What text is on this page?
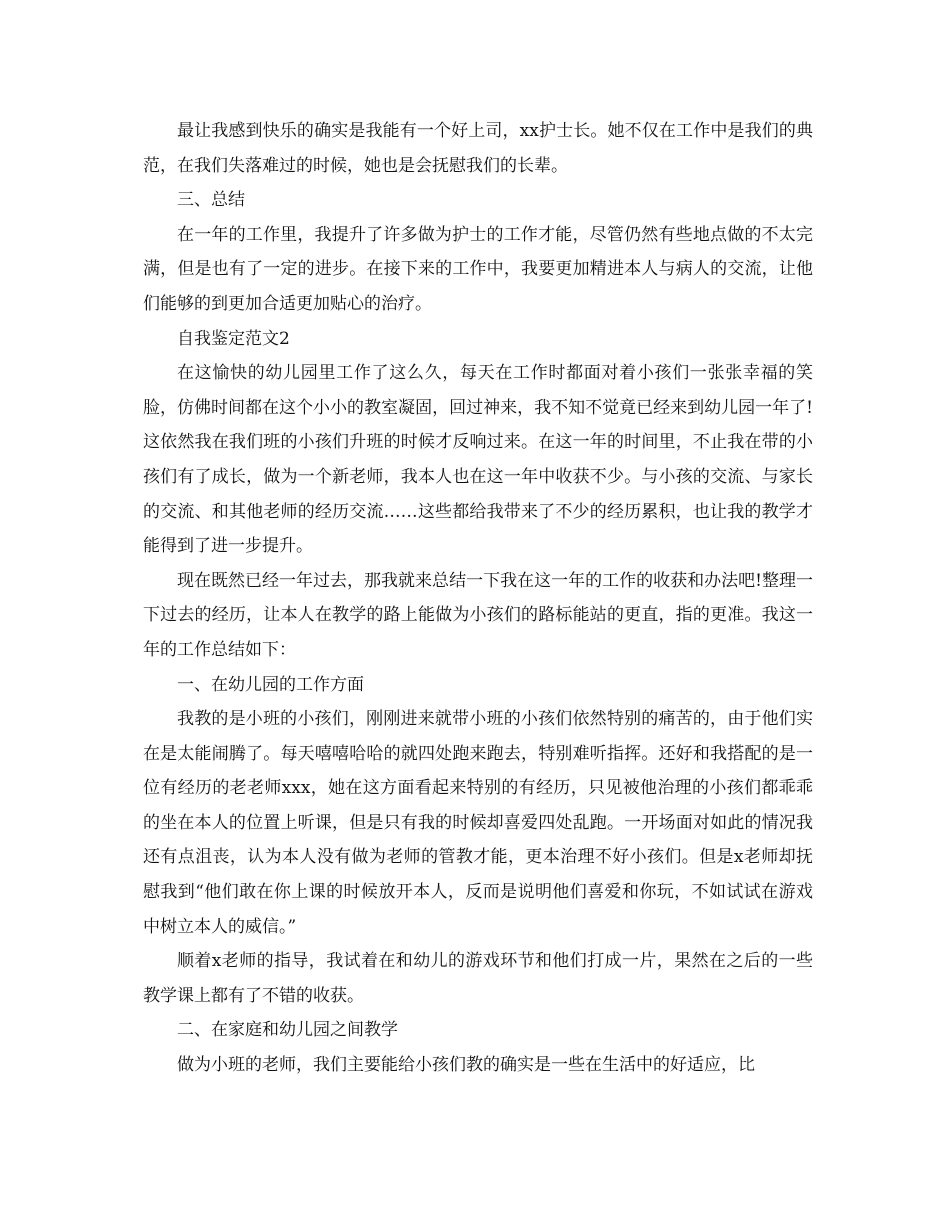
最让我感到快乐的确实是我能有一个好上司，xx护士长。她不仅在工作中是我们的典范，在我们失落难过的时候，她也是会抚慰我们的长辈。

三、总结

在一年的工作里，我提升了许多做为护士的工作才能，尽管仍然有些地点做的不太完满，但是也有了一定的进步。在接下来的工作中，我要更加精进本人与病人的交流，让他们能够的到更加合适更加贴心的治疗。

自我鉴定范文2

在这愉快的幼儿园里工作了这么久，每天在工作时都面对着小孩们一张张幸福的笑脸，仿佛时间都在这个小小的教室凝固，回过神来，我不知不觉竟已经来到幼儿园一年了!这依然我在我们班的小孩们升班的时候才反响过来。在这一年的时间里，不止我在带的小孩们有了成长，做为一个新老师，我本人也在这一年中收获不少。与小孩的交流、与家长的交流、和其他老师的经历交流……这些都给我带来了不少的经历累积，也让我的教学才能得到了进一步提升。

现在既然已经一年过去，那我就来总结一下我在这一年的工作的收获和办法吧!整理一下过去的经历，让本人在教学的路上能做为小孩们的路标能站的更直，指的更准。我这一年的工作总结如下：

一、在幼儿园的工作方面

我教的是小班的小孩们，刚刚进来就带小班的小孩们依然特别的痛苦的，由于他们实在是太能闹腾了。每天嘻嘻哈哈的就四处跑来跑去，特别难听指挥。还好和我搭配的是一位有经历的老老师xxx，她在这方面看起来特别的有经历，只见被他治理的小孩们都乖乖的坐在本人的位置上听课，但是只有我的时候却喜爱四处乱跑。一开场面对如此的情况我还有点沮丧，认为本人没有做为老师的管教才能，更本治理不好小孩们。但是x老师却抚慰我到“他们敢在你上课的时候放开本人，反而是说明他们喜爱和你玩，不如试试在游戏中树立本人的威信。”

顺着x老师的指导，我试着在和幼儿的游戏环节和他们打成一片，果然在之后的一些教学课上都有了不错的收获。

二、在家庭和幼儿园之间教学

做为小班的老师，我们主要能给小孩们教的确实是一些在生活中的好适应，比
